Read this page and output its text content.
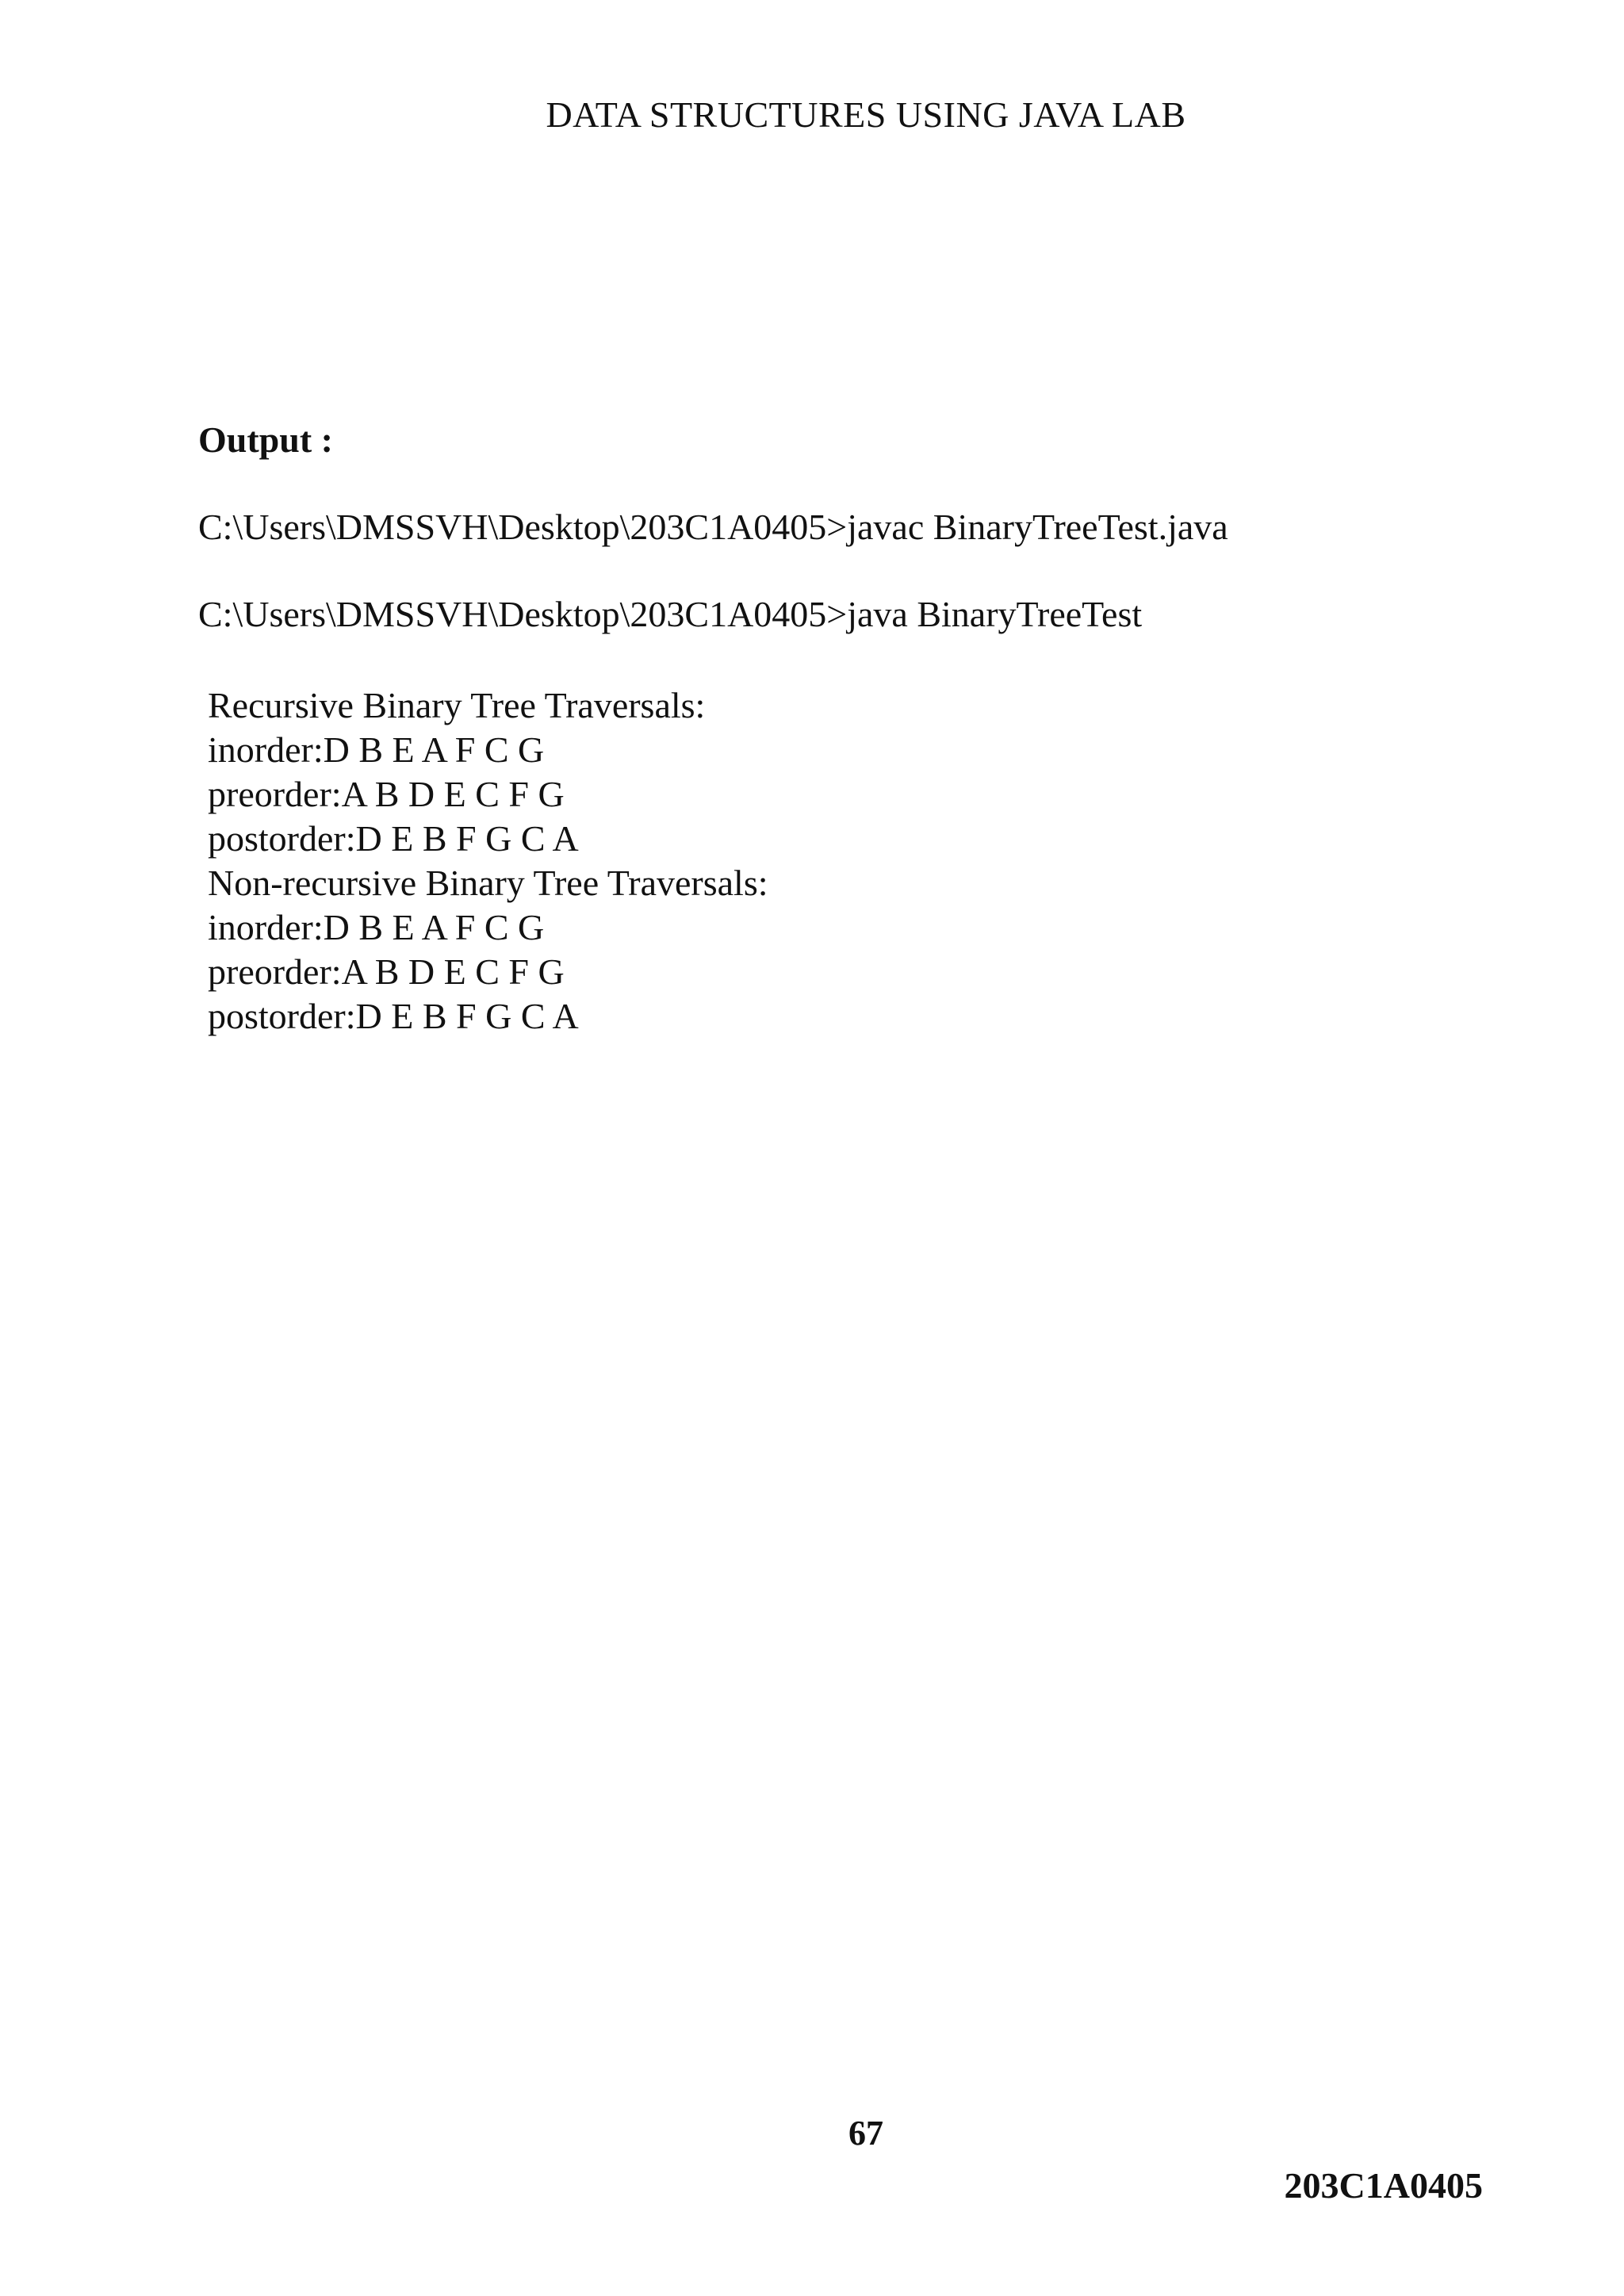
DATA STRUCTURES USING JAVA LAB
Output :
C:\Users\DMSSVH\Desktop\203C1A0405>javac BinaryTreeTest.java
C:\Users\DMSSVH\Desktop\203C1A0405>java BinaryTreeTest
Recursive Binary Tree Traversals:
inorder:D B E A F C G
preorder:A B D E C F G
postorder:D E B F G C A
Non-recursive Binary Tree Traversals:
inorder:D B E A F C G
preorder:A B D E C F G
postorder:D E B F G C A
67
203C1A0405
